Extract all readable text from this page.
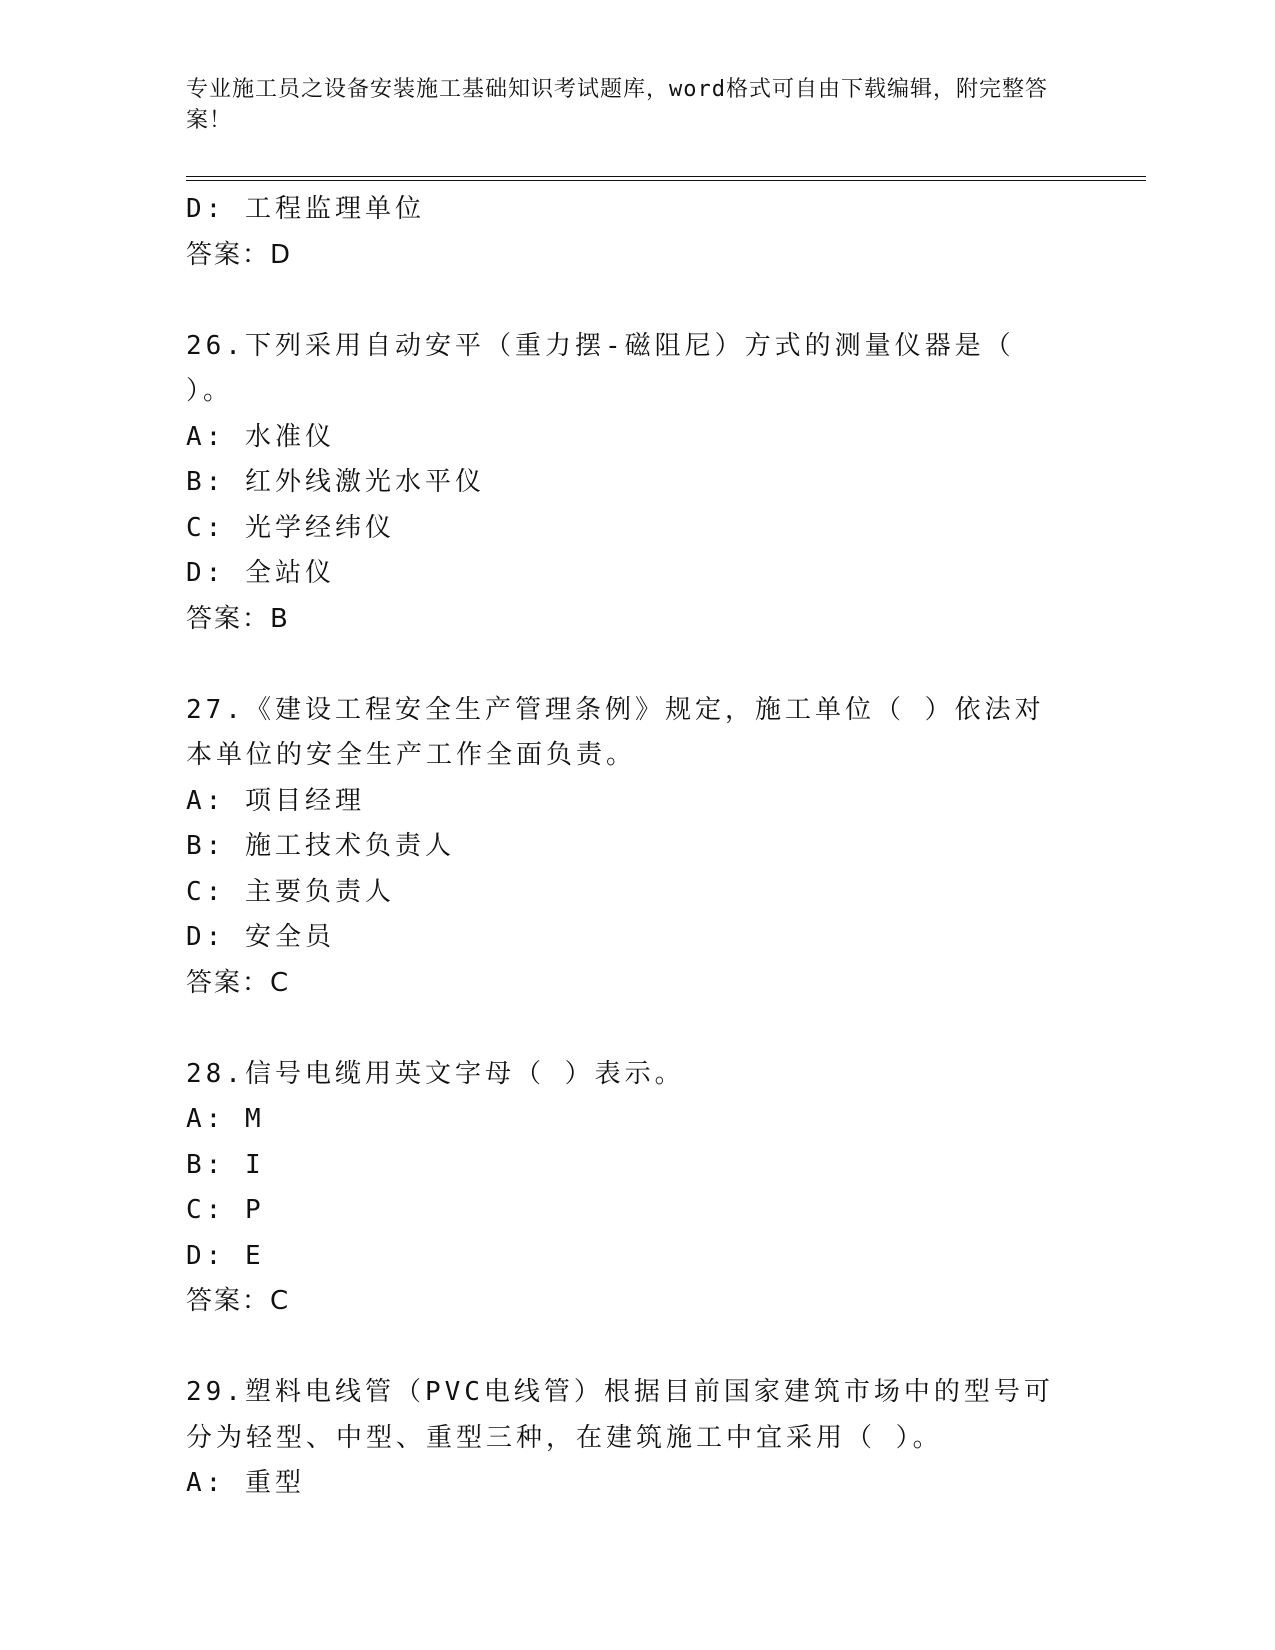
专业施工员之设备安装施工基础知识考试题库，word格式可自由下载编辑，附完整答案！
D: 工程监理单位
答案：D
26.下列采用自动安平（重力摆-磁阻尼）方式的测量仪器是（ ）。
A: 水准仪
B: 红外线激光水平仪
C: 光学经纬仪
D: 全站仪
答案：B
27.《建设工程安全生产管理条例》规定，施工单位（ ）依法对本单位的安全生产工作全面负责。
A: 项目经理
B: 施工技术负责人
C: 主要负责人
D: 安全员
答案：C
28.信号电缆用英文字母（ ）表示。
A: M
B: I
C: P
D: E
答案：C
29.塑料电线管（PVC电线管）根据目前国家建筑市场中的型号可分为轻型、中型、重型三种，在建筑施工中宜采用（ ）。
A: 重型
